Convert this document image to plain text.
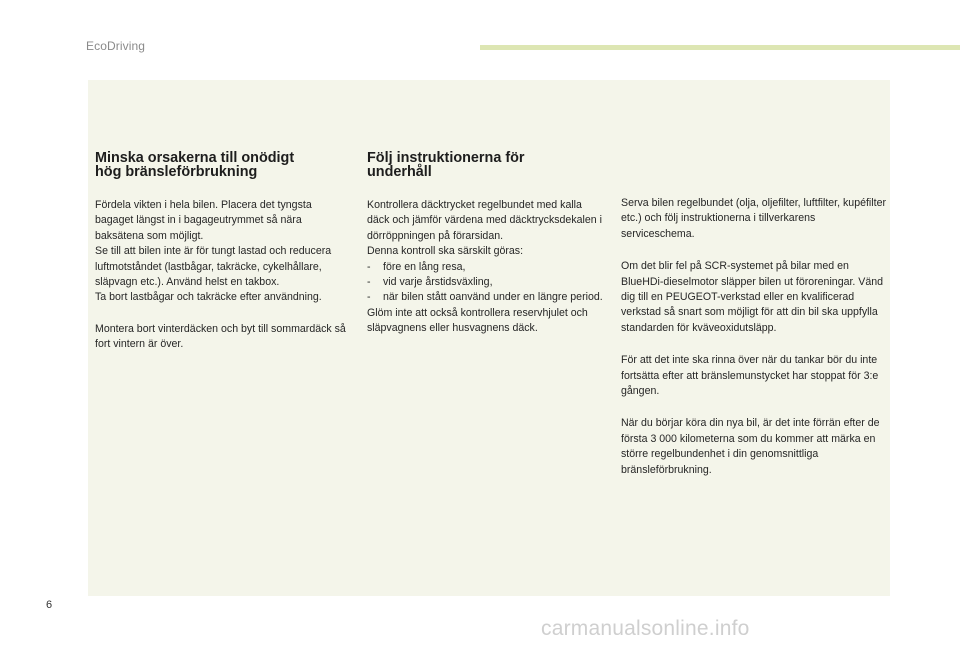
EcoDriving
Minska orsakerna till onödigt
hög bränsleförbrukning

Fördela vikten i hela bilen. Placera det tyngsta bagaget längst in i bagageutrymmet så nära baksätena som möjligt.

Se till att bilen inte är för tungt lastad och reducera luftmotståndet (lastbågar, takräcke, cykelhållare, släpvagn etc.). Använd helst en takbox.

Ta bort lastbågar och takräcke efter användning.

Montera bort vinterdäcken och byt till sommardäck så fort vintern är över.

Följ instruktionerna för
underhåll

Kontrollera däcktrycket regelbundet med kalla däck och jämför värdena med däcktrycksdekalen i dörröppningen på förarsidan.

Denna kontroll ska särskilt göras:

- före en lång resa,
- vid varje årstidsväxling,
- när bilen stått oanvänd under en längre period.

Glöm inte att också kontrollera reservhjulet och släpvagnens eller husvagnens däck.

Serva bilen regelbundet (olja, oljefilter, luftfilter, kupéfilter etc.) och följ instruktionerna i tillverkarens serviceschema.

Om det blir fel på SCR-systemet på bilar med en BlueHDi-dieselmotor släpper bilen ut föroreningar. Vänd dig till en PEUGEOT-verkstad eller en kvalificerad verkstad så snart som möjligt för att din bil ska uppfylla standarden för kväveoxidutsläpp.

För att det inte ska rinna över när du tankar bör du inte fortsätta efter att bränslemunstycket har stoppat för 3:e gången.

När du börjar köra din nya bil, är det inte förrän efter de första 3 000 kilometerna som du kommer att märka en större regelbundenhet i din genomsnittliga bränsleförbrukning.

6
carmanualsonline.info
